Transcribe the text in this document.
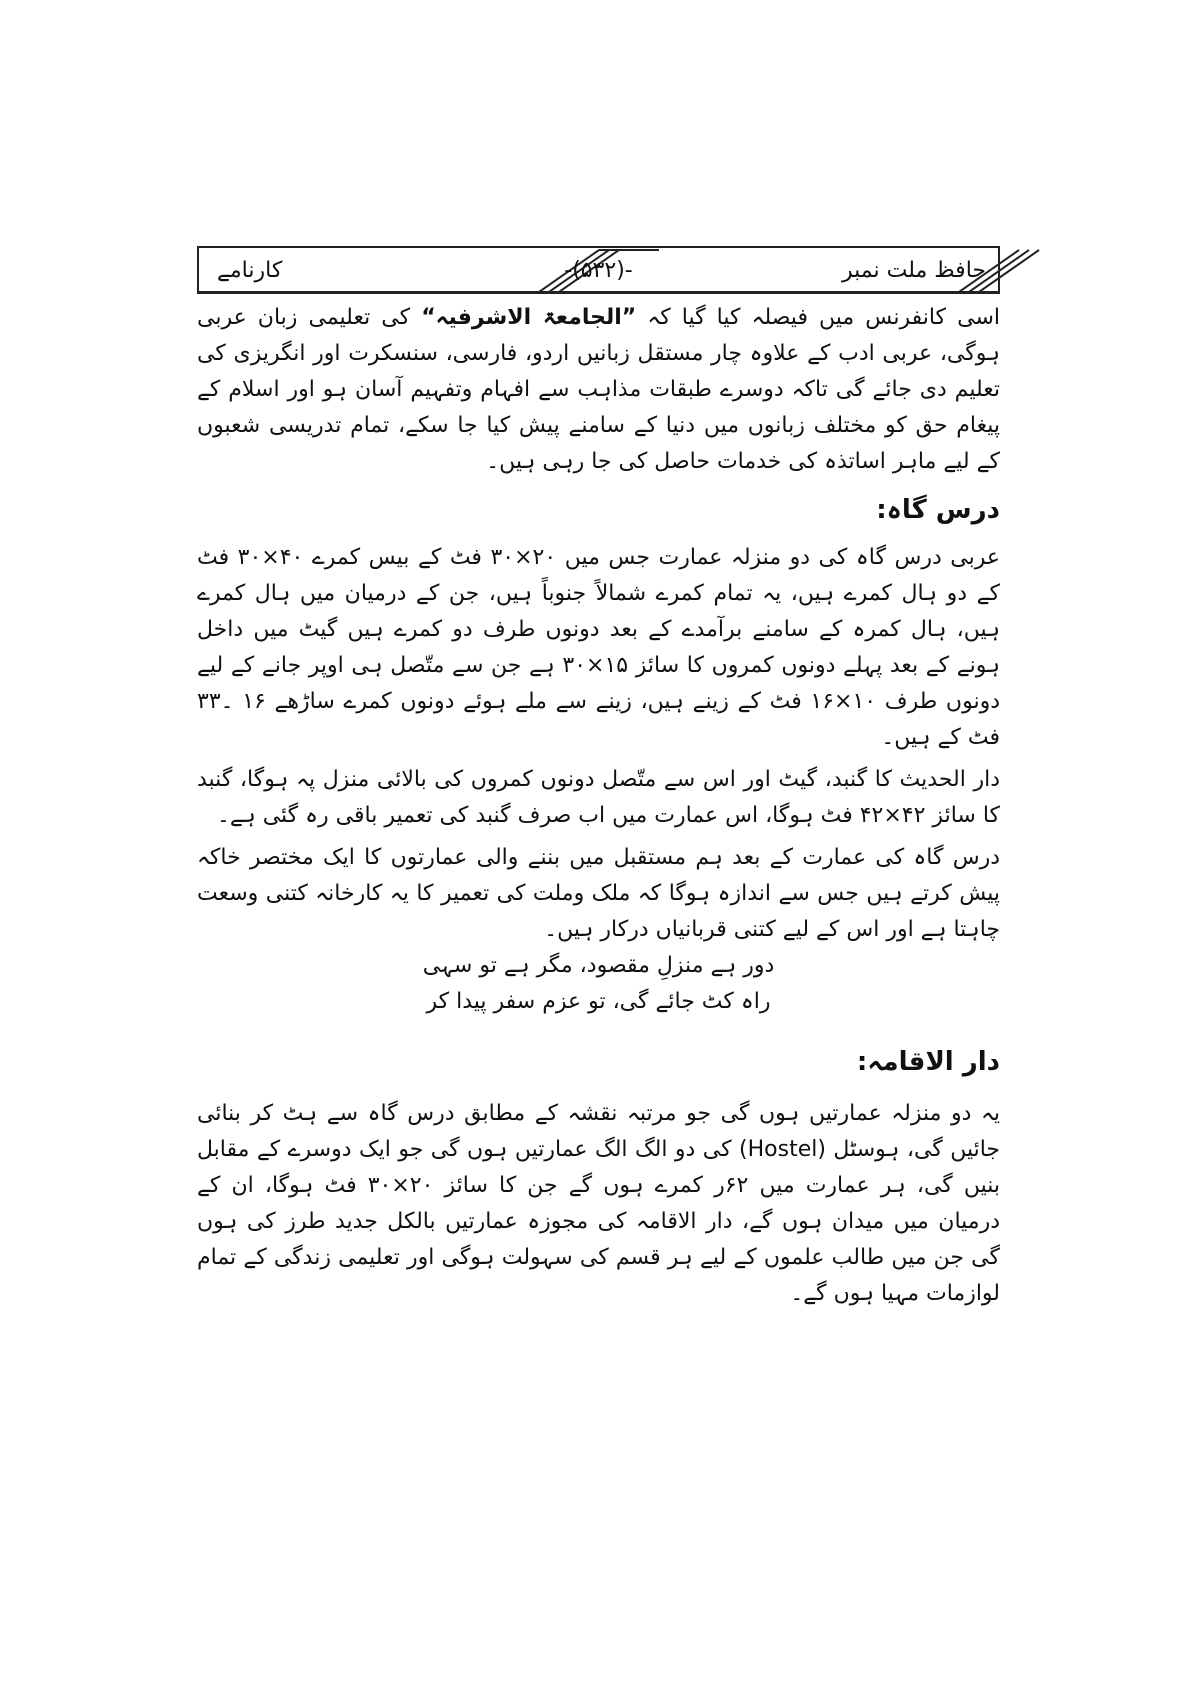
حافظ ملت نمبر
-(۵۳۲)-
کارنامے

اسی کانفرنس میں فیصلہ کیا گیا کہ ”الجامعۃ الاشرفیہ“ کی تعلیمی زبان عربی ہوگی، عربی ادب کے علاوہ چار مستقل زبانیں اردو، فارسی، سنسکرت اور انگریزی کی تعلیم دی جائے گی تاکہ دوسرے طبقات مذاہب سے افہام وتفہیم آسان ہو اور اسلام کے پیغام حق کو مختلف زبانوں میں دنیا کے سامنے پیش کیا جا سکے، تمام تدریسی شعبوں کے لیے ماہر اساتذہ کی خدمات حاصل کی جا رہی ہیں۔

درس گاہ:

عربی درس گاہ کی دو منزلہ عمارت جس میں ۲۰×۳۰ فٹ کے بیس کمرے ۴۰×۳۰ فٹ کے دو ہال کمرے ہیں، یہ تمام کمرے شمالاً جنوباً ہیں، جن کے درمیان میں ہال کمرے ہیں، ہال کمرہ کے سامنے برآمدے کے بعد دونوں طرف دو کمرے ہیں گیٹ میں داخل ہونے کے بعد پہلے دونوں کمروں کا سائز ۱۵×۳۰ ہے جن سے متّصل ہی اوپر جانے کے لیے دونوں طرف ۱۰×۱۶ فٹ کے زینے ہیں، زینے سے ملے ہوئے دونوں کمرے ساڑھے ۱۶ ۔۳۳ فٹ کے ہیں۔

دار الحدیث کا گنبد، گیٹ اور اس سے متّصل دونوں کمروں کی بالائی منزل پہ ہوگا، گنبد کا سائز ۴۲×۴۲ فٹ ہوگا، اس عمارت میں اب صرف گنبد کی تعمیر باقی رہ گئی ہے۔

درس گاہ کی عمارت کے بعد ہم مستقبل میں بننے والی عمارتوں کا ایک مختصر خاکہ پیش کرتے ہیں جس سے اندازہ ہوگا کہ ملک وملت کی تعمیر کا یہ کارخانہ کتنی وسعت چاہتا ہے اور اس کے لیے کتنی قربانیاں درکار ہیں۔

دور ہے منزلِ مقصود، مگر ہے تو سہی

راہ کٹ جائے گی، تو عزم سفر پیدا کر

دار الاقامہ:

یہ دو منزلہ عمارتیں ہوں گی جو مرتبہ نقشہ کے مطابق درس گاہ سے ہٹ کر بنائی جائیں گی، ہوسٹل (Hostel) کی دو الگ الگ عمارتیں ہوں گی جو ایک دوسرے کے مقابل بنیں گی، ہر عمارت میں ۶۲ر کمرے ہوں گے جن کا سائز ۲۰×۳۰ فٹ ہوگا، ان کے درمیان میں میدان ہوں گے، دار الاقامہ کی مجوزہ عمارتیں بالکل جدید طرز کی ہوں گی جن میں طالب علموں کے لیے ہر قسم کی سہولت ہوگی اور تعلیمی زندگی کے تمام لوازمات مہیا ہوں گے۔
